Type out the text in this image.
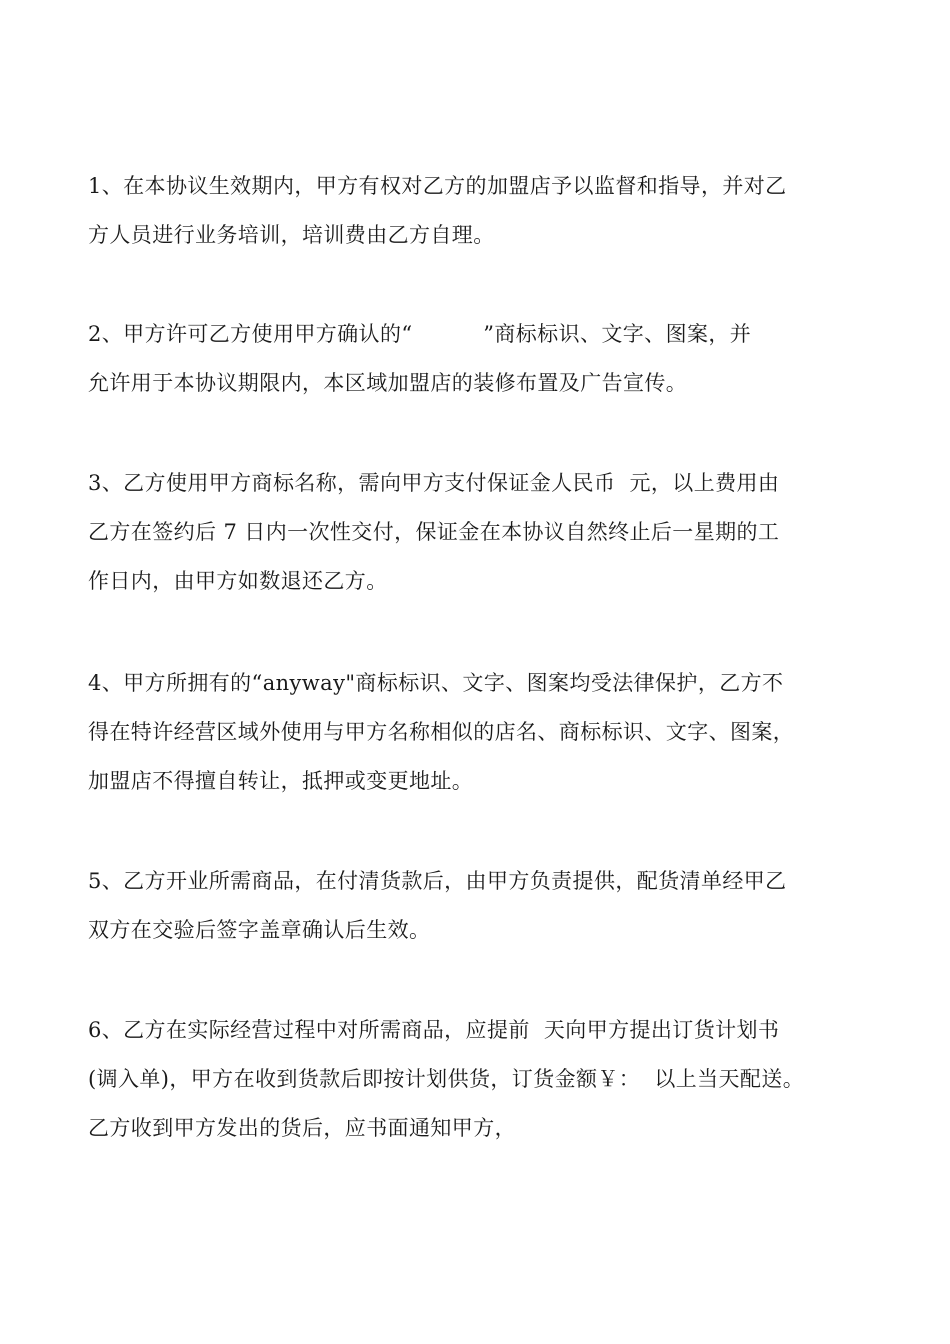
1、在本协议生效期内，甲方有权对乙方的加盟店予以监督和指导，并对乙
方人员进行业务培训，培训费由乙方自理。
2、甲方许可乙方使用甲方确认的“          ”商标标识、文字、图案，并
允许用于本协议期限内，本区域加盟店的装修布置及广告宣传。
3、乙方使用甲方商标名称，需向甲方支付保证金人民币  元，以上费用由
乙方在签约后 7 日内一次性交付，保证金在本协议自然终止后一星期的工
作日内，由甲方如数退还乙方。
4、甲方所拥有的“anyway"商标标识、文字、图案均受法律保护，乙方不
得在特许经营区域外使用与甲方名称相似的店名、商标标识、文字、图案，
加盟店不得擅自转让，抵押或变更地址。
5、乙方开业所需商品，在付清货款后，由甲方负责提供，配货清单经甲乙
双方在交验后签字盖章确认后生效。
6、乙方在实际经营过程中对所需商品，应提前  天向甲方提出订货计划书
(调入单)，甲方在收到货款后即按计划供货，订货金额￥：  以上当天配送。
乙方收到甲方发出的货后，应书面通知甲方，
